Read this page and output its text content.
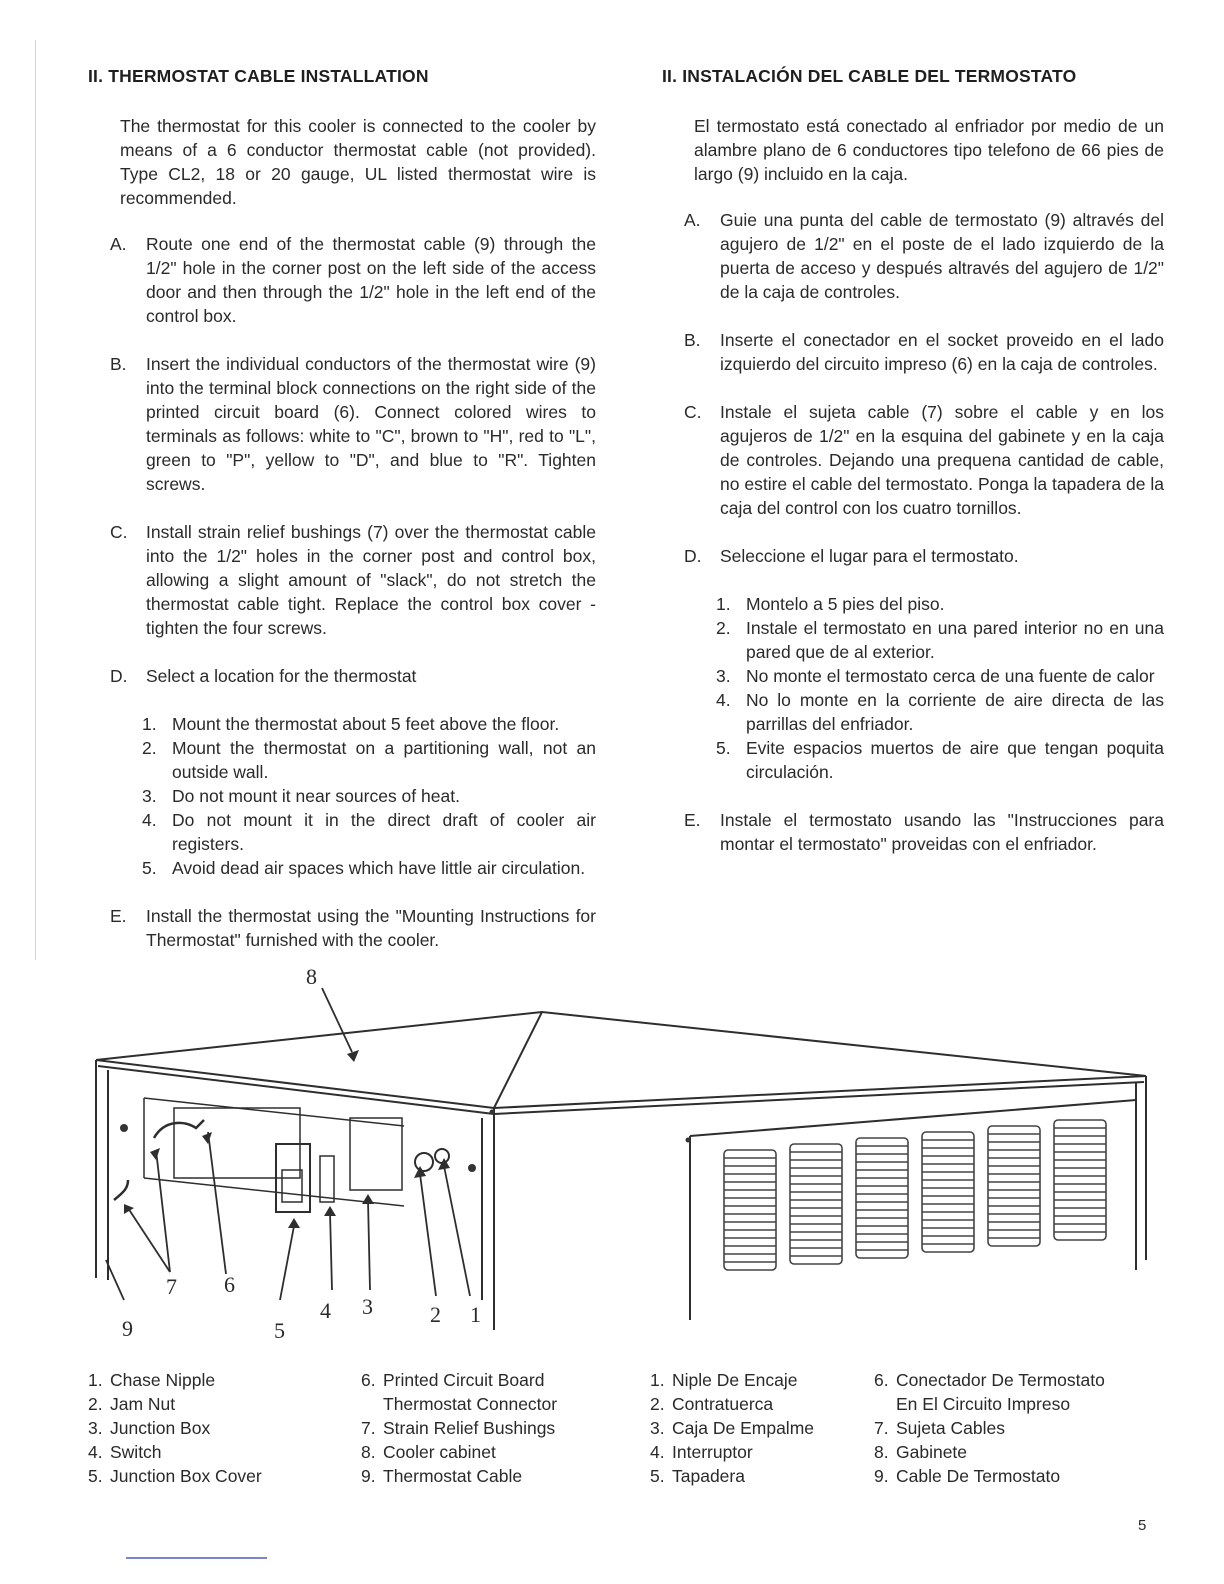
II. THERMOSTAT CABLE INSTALLATION

The thermostat for this cooler is connected to the cooler by means of a 6 conductor thermostat cable (not provided). Type CL2, 18 or 20 gauge, UL listed thermostat wire is recommended.

A. Route one end of the thermostat cable (9) through the 1/2" hole in the corner post on the left side of the access door and then through the 1/2" hole in the left end of the control box.
B. Insert the individual conductors of the thermostat wire (9) into the terminal block connections on the right side of the printed circuit board (6). Connect colored wires to terminals as follows: white to "C", brown to "H", red to "L", green to "P", yellow to "D", and blue to "R". Tighten screws.
C. Install strain relief bushings (7) over the thermostat cable into the 1/2" holes in the corner post and control box, allowing a slight amount of "slack", do not stretch the thermostat cable tight. Replace the control box cover - tighten the four screws.
D. Select a location for the thermostat
1. Mount the thermostat about 5 feet above the floor.
2. Mount the thermostat on a partitioning wall, not an outside wall.
3. Do not mount it near sources of heat.
4. Do not mount it in the direct draft of cooler air registers.
5. Avoid dead air spaces which have little air circulation.
E. Install the thermostat using the "Mounting Instructions for Thermostat" furnished with the cooler.
II. INSTALACIÓN DEL CABLE DEL TERMOSTATO

El termostato está conectado al enfriador por medio de un alambre plano de 6 conductores tipo telefono de 66 pies de largo (9) incluido en la caja.

A. Guie una punta del cable de termostato (9) altravés del agujero de 1/2" en el poste de el lado izquierdo de la puerta de acceso y después altravés del agujero de 1/2" de la caja de controles.
B. Inserte el conectador en el socket proveido en el lado izquierdo del circuito impreso (6) en la caja de controles.
C. Instale el sujeta cable (7) sobre el cable y en los agujeros de 1/2" en la esquina del gabinete y en la caja de controles. Dejando una prequena cantidad de cable, no estire el cable del termostato. Ponga la tapadera de la caja del control con los cuatro tornillos.
D. Seleccione el lugar para el termostato.
1. Montelo a 5 pies del piso.
2. Instale el termostato en una pared interior no en una pared que de al exterior.
3. No monte el termostato cerca de una fuente de calor
4. No lo monte en la corriente de aire directa de las parrillas del enfriador.
5. Evite espacios muertos de aire que tengan poquita circulación.
E. Instale el termostato usando las "Instrucciones para montar el termostato" proveidas con el enfriador.
8
7 6
9	5
4 3	2 1
1. Chase Nipple
2. Jam Nut
3. Junction Box
4. Switch
5. Junction Box Cover
6. Printed Circuit Board
Thermostat Connector
7. Strain Relief Bushings
8. Cooler cabinet
9. Thermostat Cable
1. Niple De Encaje
2. Contratuerca
3. Caja De Empalme
4. Interruptor
5. Tapadera
6. Conectador De Termostato
En El Circuito Impreso
7. Sujeta Cables
8. Gabinete
9. Cable De Termostato
5
